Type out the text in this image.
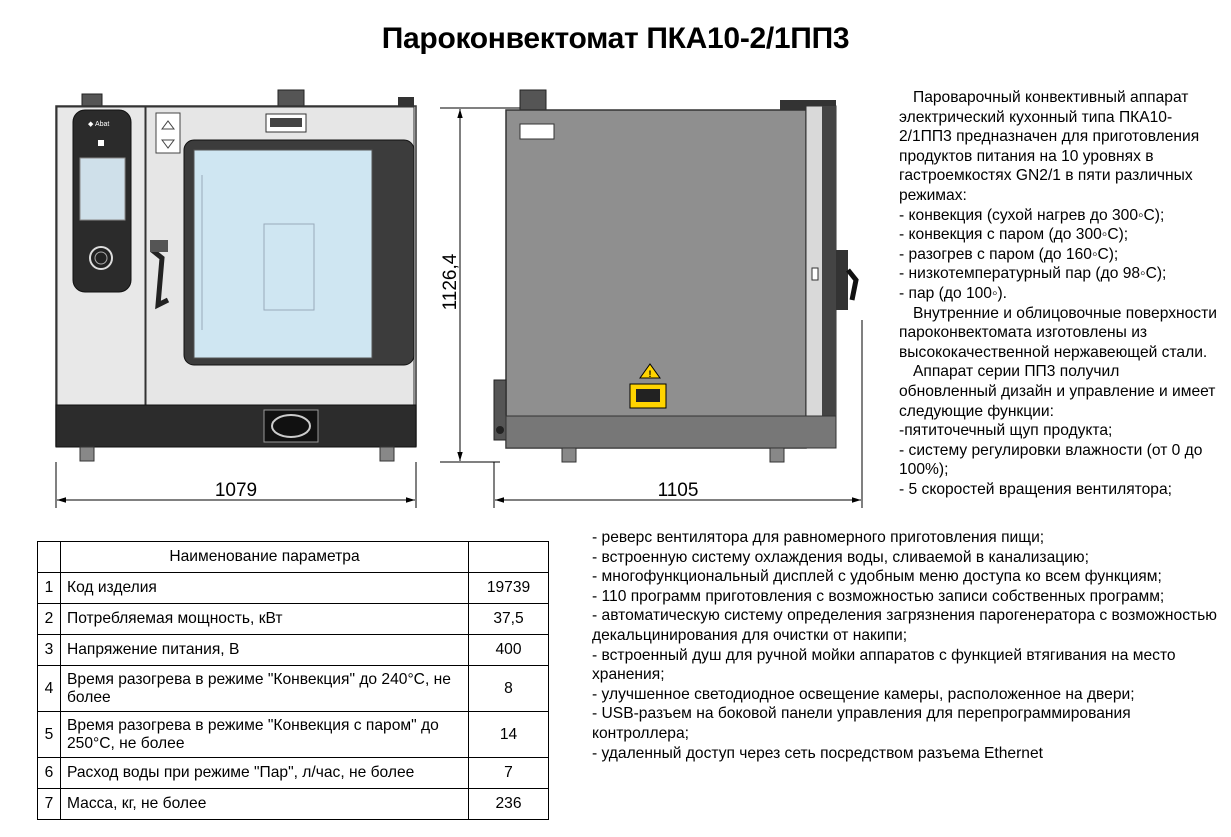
Пароконвектомат ПКА10-2/1ПП3
◆ Abat
1079
1126,4
!
1105

Пароварочный конвективный аппарат электрический кухонный типа ПКА10-2/1ПП3 предназначен для приготовления продуктов питания на 10 уровнях в гастроемкостях GN2/1 в пяти различных режимах:

- конвекция (сухой нагрев до 300◦С);

- конвекция с паром (до 300◦С);

- разогрев с паром (до 160◦С);

- низкотемпературный пар (до 98◦С);

- пар (до 100◦).

Внутренние и облицовочные поверхности пароконвектомата изготовлены из высококачественной нержавеющей стали.

Аппарат серии ПП3 получил обновленный дизайн и управление и имеет следующие функции:

-пятиточечный щуп продукта;

- систему регулировки влажности (от 0 до 100%);

- 5 скоростей вращения вентилятора;

- реверс вентилятора для равномерного приготовления пищи;

- встроенную систему охлаждения воды, сливаемой в канализацию;

- многофункциональный дисплей с удобным меню доступа ко всем функциям;

- 110 программ приготовления с возможностью записи собственных программ;

- автоматическую систему определения загрязнения парогенератора с возможностью декальцинирования для очистки от накипи;

- встроенный душ для ручной мойки аппаратов с функцией втягивания на место хранения;

- улучшенное светодиодное освещение камеры, расположенное на двери;

- USB-разъем на боковой панели управления для перепрограммирования контроллера;

- удаленный доступ через сеть посредством разъема Ethernet

	Наименование параметра	
1	Код изделия	19739
2	Потребляемая мощность, кВт	37,5
3	Напряжение питания, В	400
4	Время разогрева в режиме "Конвекция" до 240°С, не более	8
5	Время разогрева в режиме "Конвекция с паром" до 250°С, не более	14
6	Расход воды при режиме "Пар", л/час, не более	7
7	Масса, кг, не более	236
